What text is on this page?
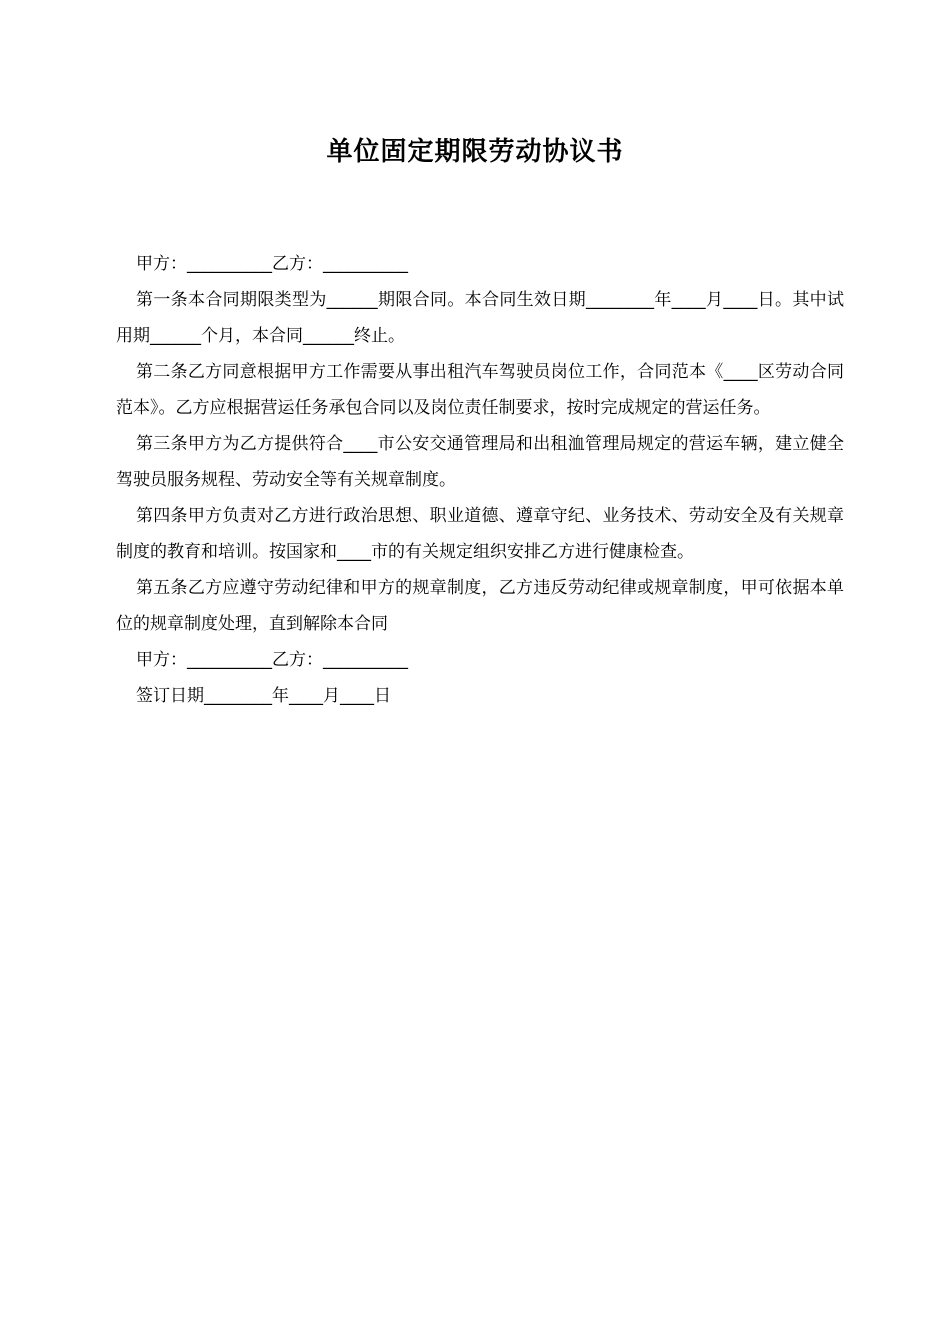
单位固定期限劳动协议书

甲方：__________乙方：__________

第一条本合同期限类型为______期限合同。本合同生效日期________年____月____日。其中试用期______个月，本合同______终止。

第二条乙方同意根据甲方工作需要从事出租汽车驾驶员岗位工作，合同范本《____区劳动合同范本》。乙方应根据营运任务承包合同以及岗位责任制要求，按时完成规定的营运任务。

第三条甲方为乙方提供符合____市公安交通管理局和出租洫管理局规定的营运车辆，建立健全驾驶员服务规程、劳动安全等有关规章制度。

第四条甲方负责对乙方进行政治思想、职业道德、遵章守纪、业务技术、劳动安全及有关规章制度的教育和培训。按国家和____市的有关规定组织安排乙方进行健康检查。

第五条乙方应遵守劳动纪律和甲方的规章制度，乙方违反劳动纪律或规章制度，甲可依据本单位的规章制度处理，直到解除本合同

甲方：__________乙方：__________

签订日期________年____月____日
